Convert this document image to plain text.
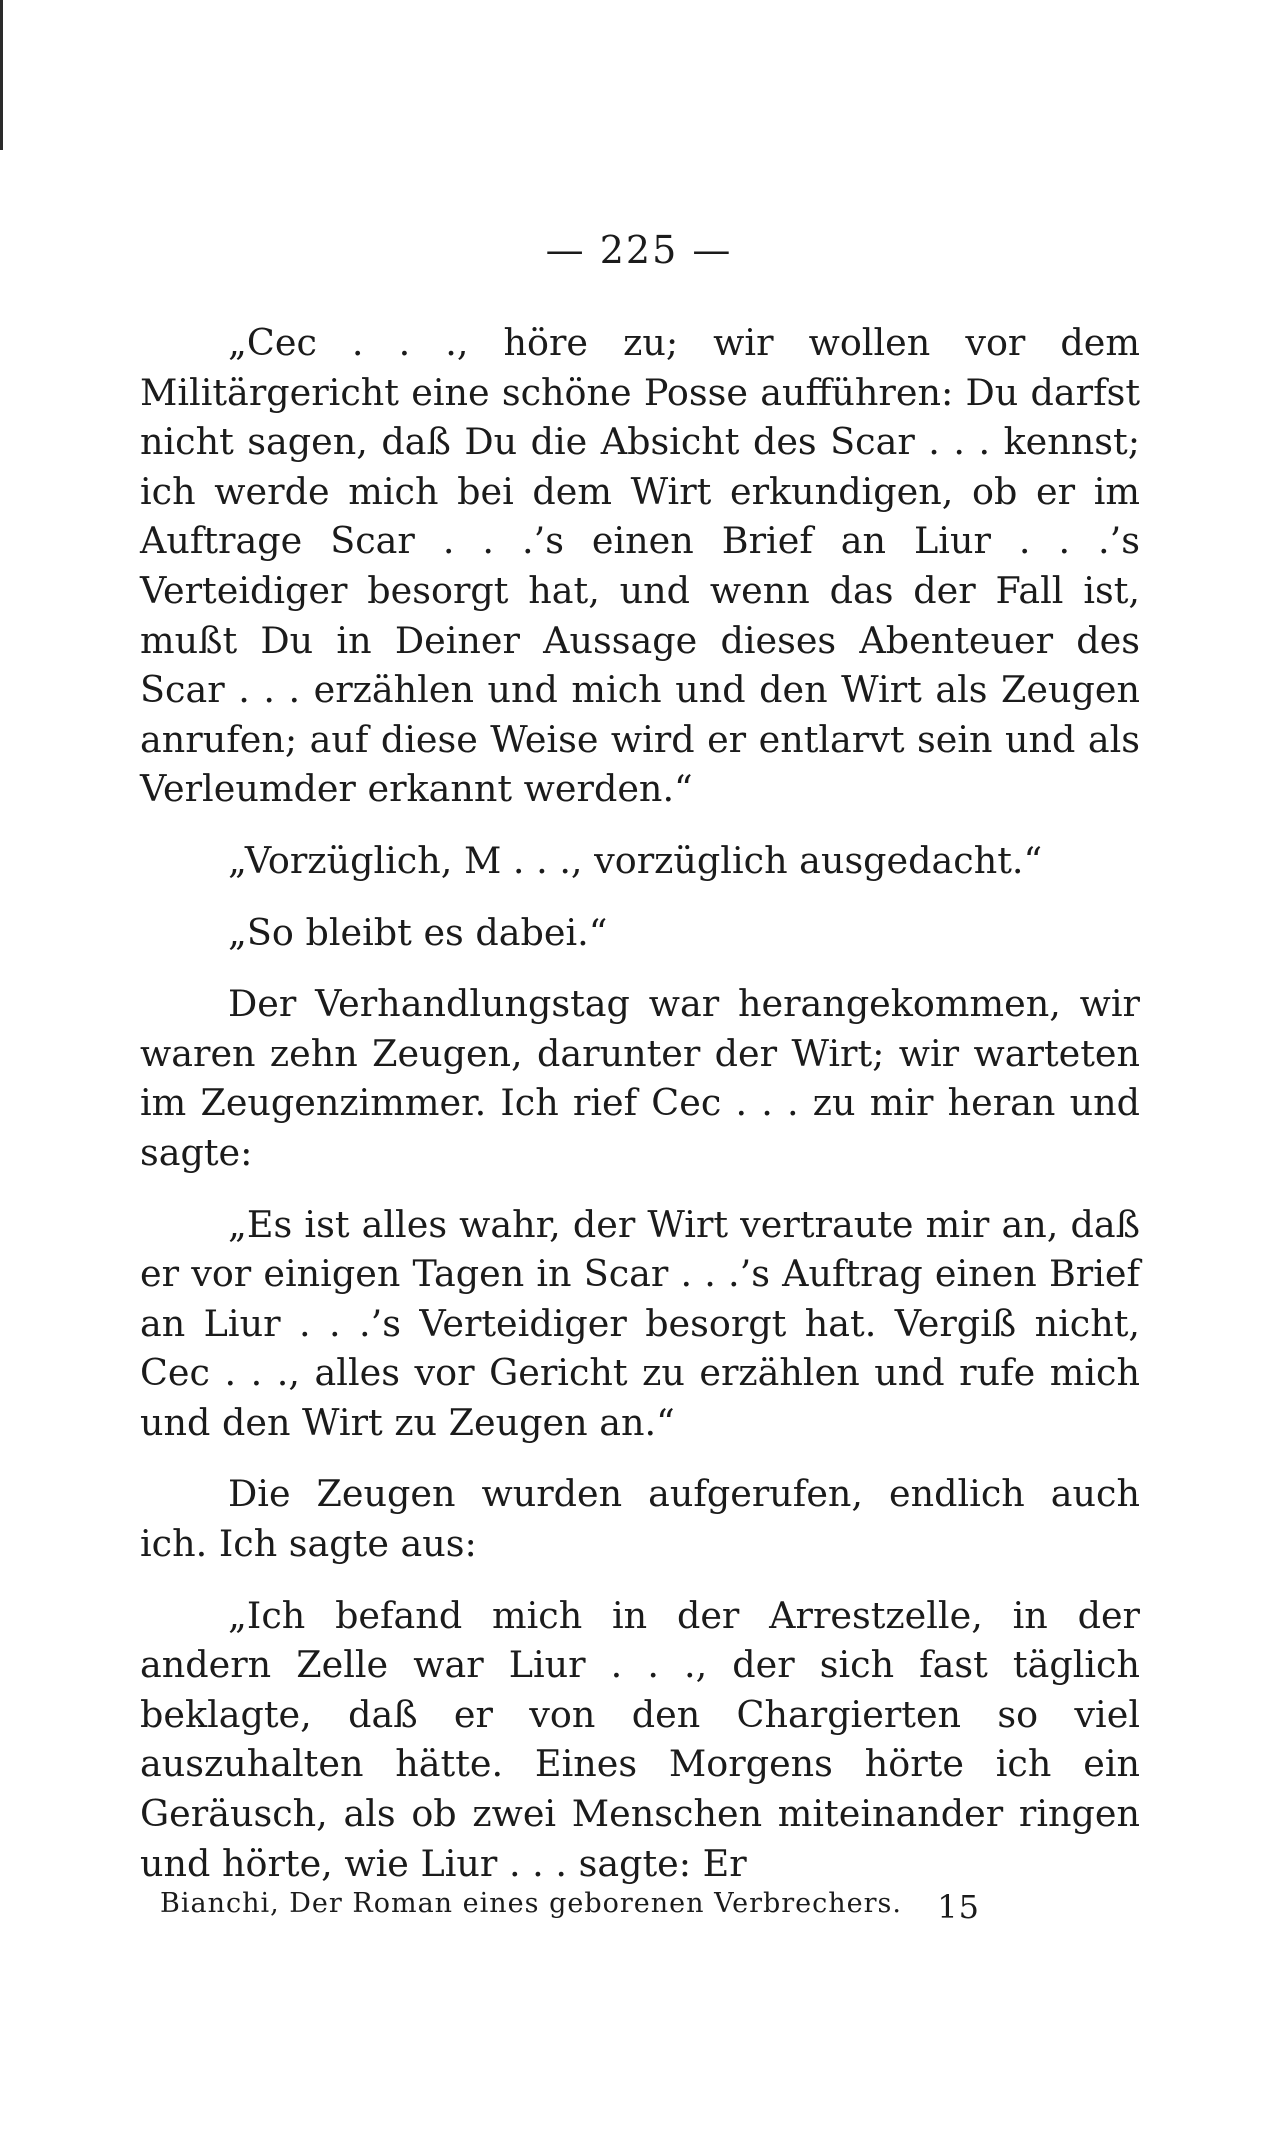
— 225 —

„Cec . . ., höre zu; wir wollen vor dem Militärgericht eine schöne Posse aufführen: Du darfst nicht sagen, daß Du die Absicht des Scar . . . kennst; ich werde mich bei dem Wirt erkundigen, ob er im Auftrage Scar . . .’s einen Brief an Liur . . .’s Verteidiger besorgt hat, und wenn das der Fall ist, mußt Du in Deiner Aussage dieses Abenteuer des Scar . . . erzählen und mich und den Wirt als Zeugen anrufen; auf diese Weise wird er entlarvt sein und als Verleumder erkannt werden.“

„Vorzüglich, M . . ., vorzüglich ausgedacht.“

„So bleibt es dabei.“

Der Verhandlungstag war herangekommen, wir waren zehn Zeugen, darunter der Wirt; wir warteten im Zeugenzimmer. Ich rief Cec . . . zu mir heran und sagte:

„Es ist alles wahr, der Wirt vertraute mir an, daß er vor einigen Tagen in Scar . . .’s Auftrag einen Brief an Liur . . .’s Verteidiger besorgt hat. Vergiß nicht, Cec . . ., alles vor Gericht zu erzählen und rufe mich und den Wirt zu Zeugen an.“

Die Zeugen wurden aufgerufen, endlich auch ich. Ich sagte aus:

„Ich befand mich in der Arrestzelle, in der andern Zelle war Liur . . ., der sich fast täglich beklagte, daß er von den Chargierten so viel auszuhalten hätte. Eines Morgens hörte ich ein Geräusch, als ob zwei Menschen miteinander ringen und hörte, wie Liur . . . sagte: Er

Bianchi, Der Roman eines geborenen Verbrechers. 15
